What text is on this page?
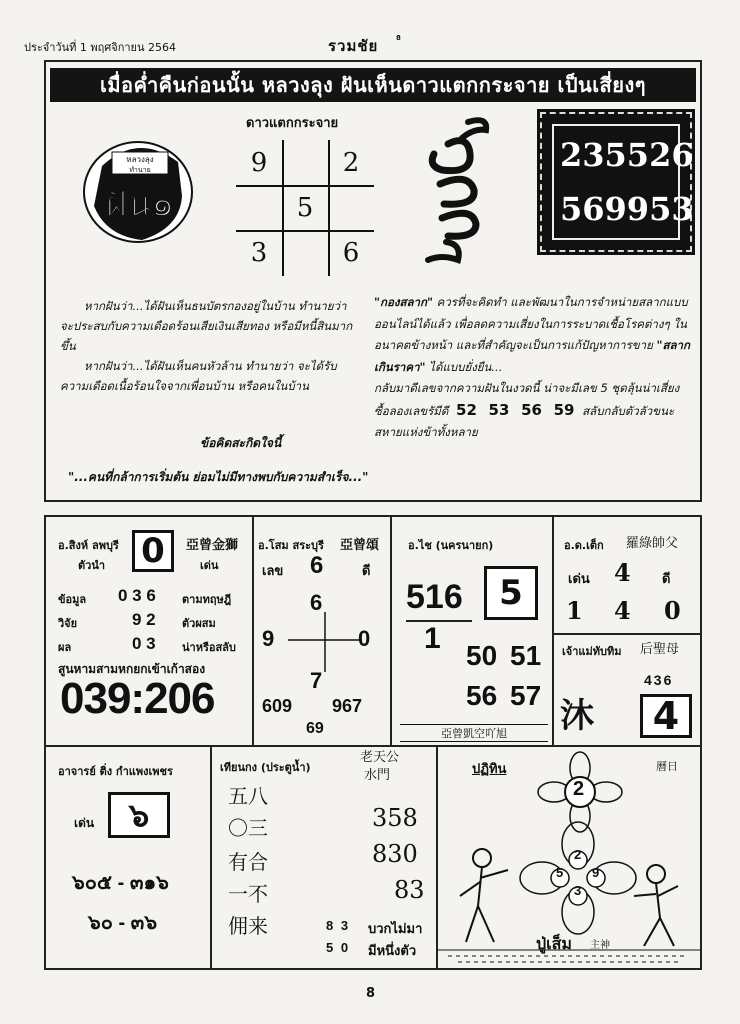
ประจำวันที่ 1 พฤศจิกายน 2564	รวมชัย	8
เมื่อค่ำคืนก่อนนั้น หลวงลุง ฝันเห็นดาวแตกกระจาย เป็นเสี่ยงๆ
หลวงลุง
ทำนาย
ฝัน๑
ดาวแตกกระจาย
9	2
5
3	6
235 526
569 953

หากฝันว่า...ได้ฝันเห็นธนบัตรกองอยู่ในบ้าน ทำนายว่า จะประสบกับความเดือดร้อนเสียเงินเสียทอง หรือมีหนี้สินมากขึ้น

หากฝันว่า...ได้ฝันเห็นคนหัวล้าน ทำนายว่า จะได้รับความเดือดเนื้อร้อนใจจากเพื่อนบ้าน หรือคนในบ้าน

ข้อคิดสะกิดใจนี้
"...คนที่กล้าการเริ่มต้น ย่อมไม่มีทางพบกับความสำเร็จ..."
"กองสลาก" ควรที่จะคิดทำ และพัฒนาในการจำหน่ายสลากแบบออนไลน์ได้แล้ว เพื่อลดความเสี่ยงในการระบาดเชื้อโรคต่างๆ ในอนาคตข้างหน้า และที่สำคัญจะเป็นการแก้ปัญหาการขาย "สลากเกินราคา" ได้แบบยั่งยืน...
กลับมาดีเลขจากความฝันในงวดนี้ น่าจะมีเลข 5 ชุดลุ้นน่าเสี่ยงซื้อลองเลขรัมีดี 52 53 56 59 สลับกลับตัวลัวขนะสหายแห่งข้าทั้งหลาย
อ.สิงห์ ลพบุรี
ตัวนำ 0	亞曾金獅
เด่น
ข้อมูล 0 3 6 ตามทฤษฎี
วิจัย	9 2 ตัวผสม
ผล	0 3 น่าหรือสลับ
สูนหามสามหกยกเข้าเก้าสอง
039:206
อ.โสม สระบุรี 亞曾頌
เลข 6	ดี
6
9	0
7
609 967
69
อ.ไช (นครนายก)
516	5
1
50 51
56 57
亞曾凱空吖旭
อ.ด.เต็ก 羅綠帥父
เด่น 4 ดี
1 4 0
เจ้าแม่ทับทิม 后聖母
436
沐	4
อาจารย์ ติ่ง กำแพงเพชร
เด่น	๖
๖๐๕ - ๓๑๖
๖๐ - ๓๖
เทียนกง (ประตูน้ำ)
老天公
水門
五八
〇三
有合
一不
佣来
358
830
83
8 3 บวกไม่มา
5 0 มีหนึ่งตัว
ปฏิทิน	曆日
2
2
5 9
3
ปู่เส็ม 主神
8
